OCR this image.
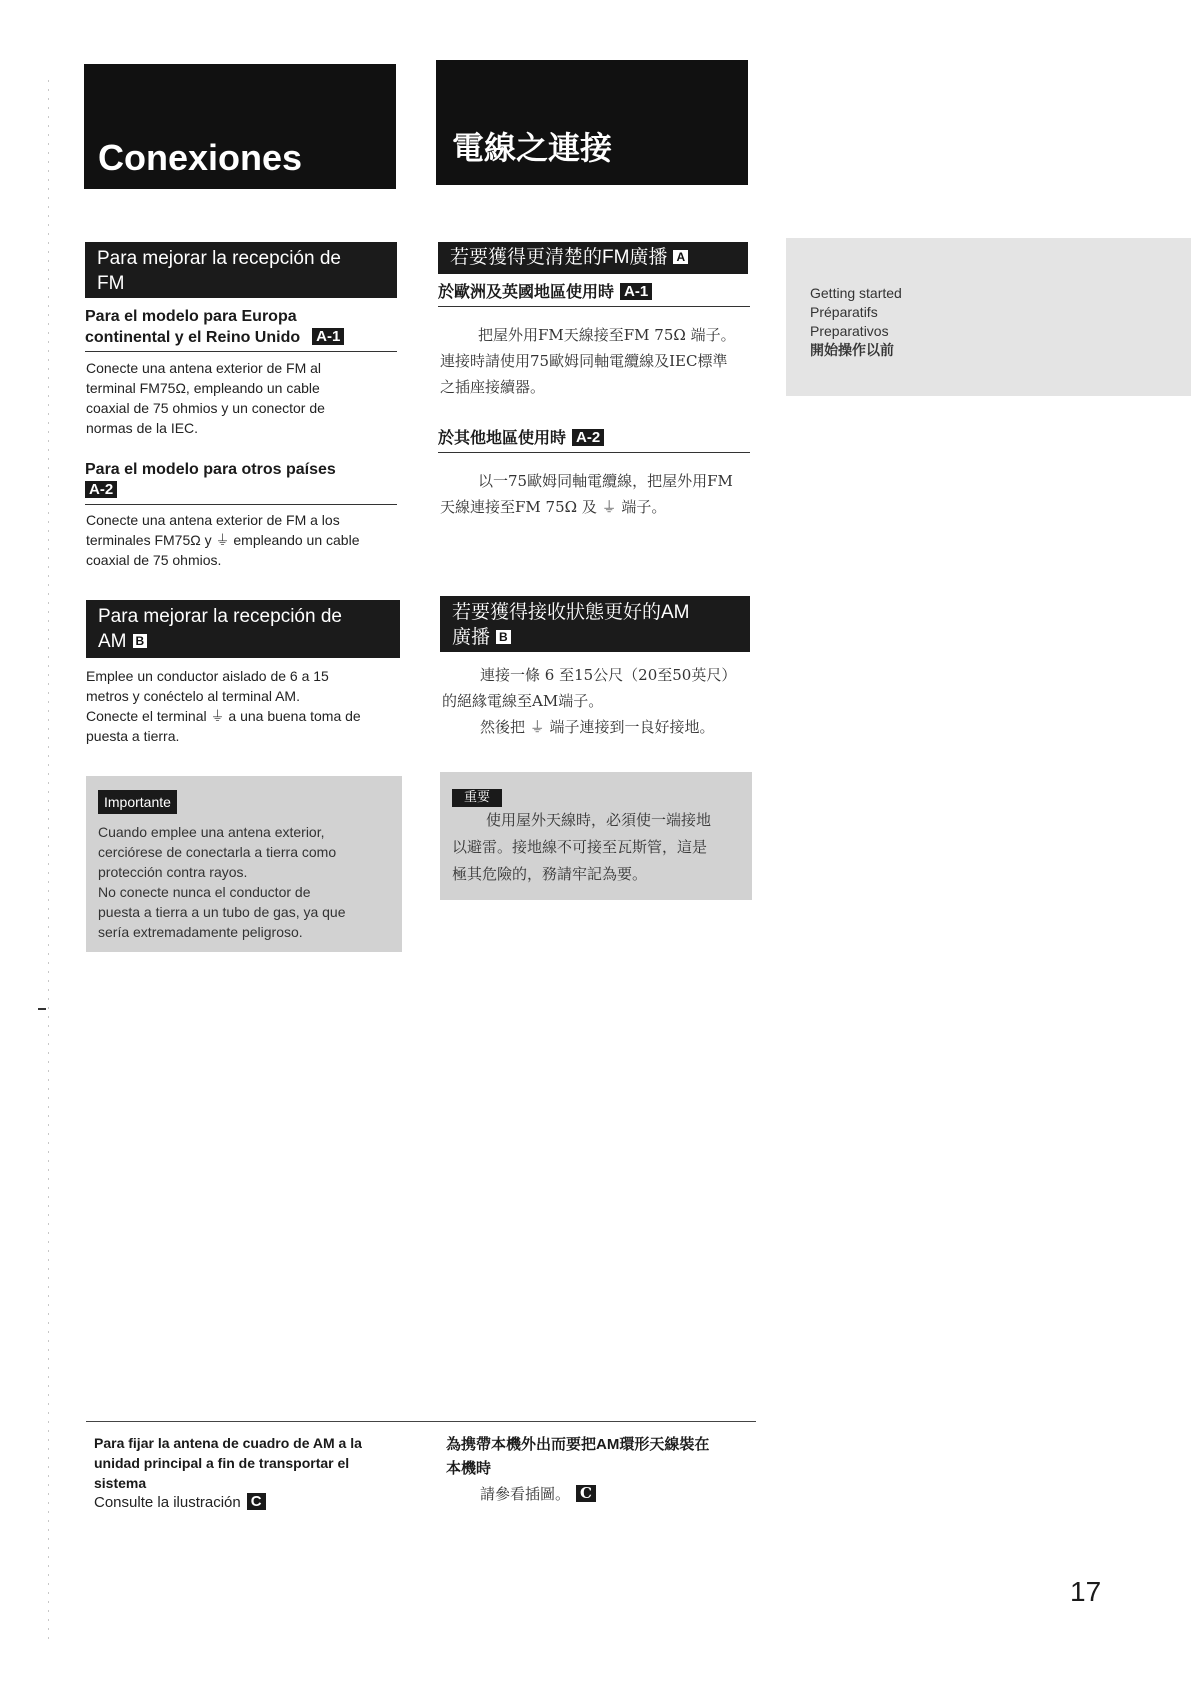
Conexiones	電線之連接
Para mejorar la recepción de
FM
Para el modelo para Europa
continental y el Reino Unido A-1
Conecte una antena exterior de FM al
terminal FM75Ω, empleando un cable
coaxial de 75 ohmios y un conector de
normas de la IEC.
Para el modelo para otros países
A-2
Conecte una antena exterior de FM a los
terminales FM75Ω y ⏚ empleando un cable
coaxial de 75 ohmios.
Para mejorar la recepción de
AM B
Emplee un conductor aislado de 6 a 15
metros y conéctelo al terminal AM.
Conecte el terminal ⏚ a una buena toma de
puesta a tierra.
Importante
Cuando emplee una antena exterior,
cerciórese de conectarla a tierra como
protección contra rayos.
No conecte nunca el conductor de
puesta a tierra a un tubo de gas, ya que
sería extremadamente peligroso.
若要獲得更清楚的FM廣播 A
於歐洲及英國地區使用時 A-1
把屋外用FM天線接至FM 75Ω 端子。
連接時請使用75歐姆同軸電纜線及IEC標準
之插座接續器。
於其他地區使用時 A-2
以一75歐姆同軸電纜線，把屋外用FM
天線連接至FM 75Ω 及 ⏚ 端子。
若要獲得接收狀態更好的AM
廣播 B
連接一條 6 至15公尺（20至50英尺）
的絕緣電線至AM端子。
然後把 ⏚ 端子連接到一良好接地。
重要
使用屋外天線時，必須使一端接地
以避雷。接地線不可接至瓦斯管，這是
極其危險的，務請牢記為要。
Getting started
Préparatifs
Preparativos
開始操作以前
Para fijar la antena de cuadro de AM a la
unidad principal a fin de transportar el
sistema
Consulte la ilustración C
為携帶本機外出而要把AM環形天線裝在
本機時
請參看插圖。 C
17
